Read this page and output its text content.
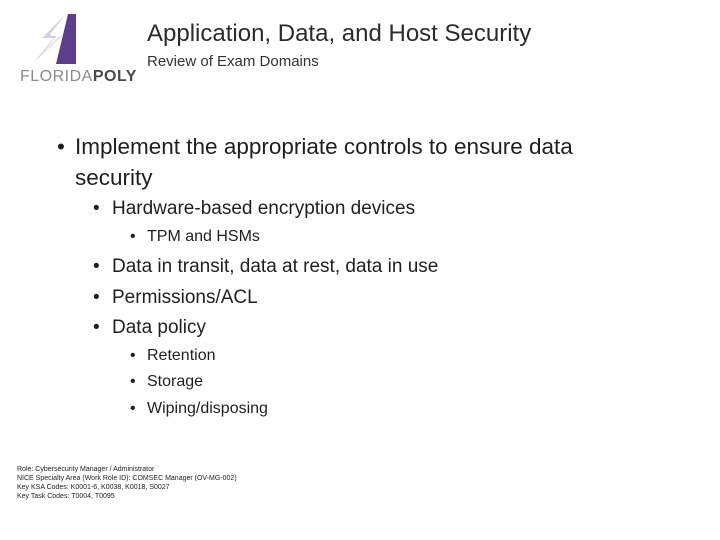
FLORIDAPOLY
Application, Data, and Host Security
Review of Exam Domains
• Implement the appropriate controls to ensure data
security
• Hardware-based encryption devices
• TPM and HSMs
• Data in transit, data at rest, data in use
• Permissions/ACL
• Data policy
• Retention
• Storage
• Wiping/disposing
Role: Cybersecurity Manager / Administrator
NICE Specialty Area (Work Role ID): COMSEC Manager (OV-MG-002)
Key KSA Codes: K0001-6, K0038, K0018, S0027
Key Task Codes: T0004, T0095
